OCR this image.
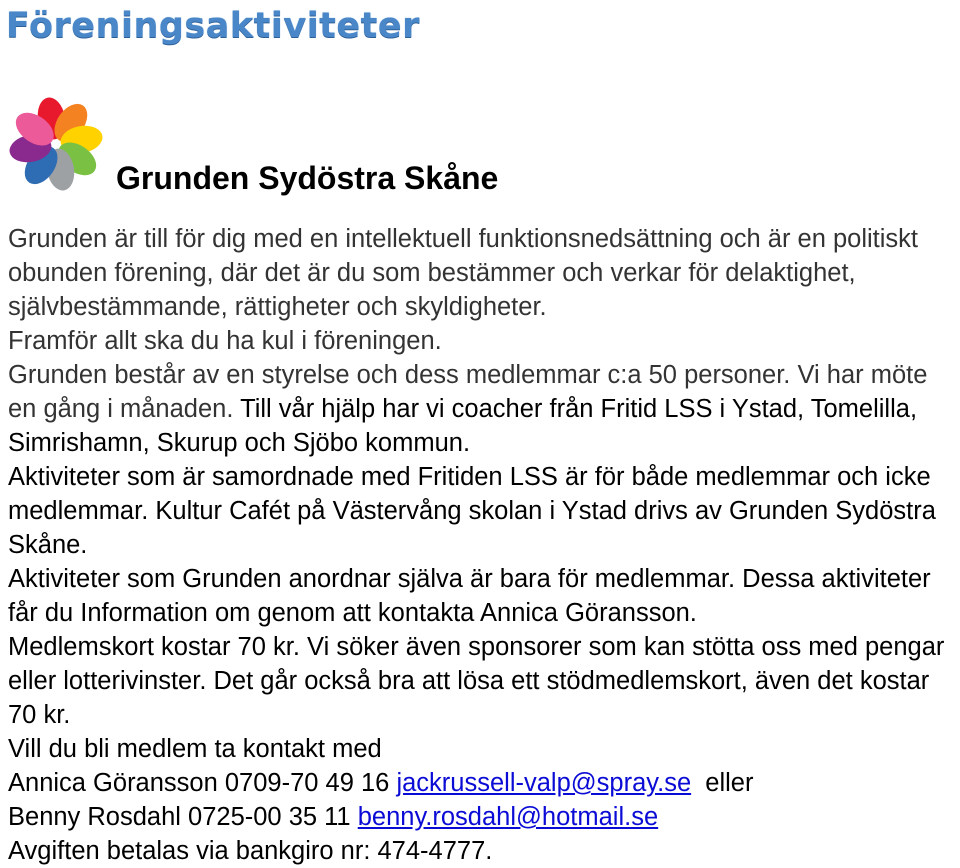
Föreningsaktiviteter
Grunden Sydöstra Skåne
Grunden är till för dig med en intellektuell funktionsnedsättning och är en politiskt obunden förening, där det är du som bestämmer och verkar för delaktighet, självbestämmande, rättigheter och skyldigheter.
Framför allt ska du ha kul i föreningen.
Grunden består av en styrelse och dess medlemmar c:a 50 personer. Vi har möte en gång i månaden. Till vår hjälp har vi coacher från Fritid LSS i Ystad, Tomelilla, Simrishamn, Skurup och Sjöbo kommun.
Aktiviteter som är samordnade med Fritiden LSS är för både medlemmar och icke medlemmar. Kultur Cafét på Västervång skolan i Ystad drivs av Grunden Sydöstra Skåne.
Aktiviteter som Grunden anordnar själva är bara för medlemmar. Dessa aktiviteter får du Information om genom att kontakta Annica Göransson.
Medlemskort kostar 70 kr. Vi söker även sponsorer som kan stötta oss med pengar eller lotterivinster. Det går också bra att lösa ett stödmedlemskort, även det kostar 70 kr.
Vill du bli medlem ta kontakt med
Annica Göransson 0709-70 49 16 jackrussell-valp@spray.se eller
Benny Rosdahl 0725-00 35 11 benny.rosdahl@hotmail.se
Avgiften betalas via bankgiro nr: 474-4777.
